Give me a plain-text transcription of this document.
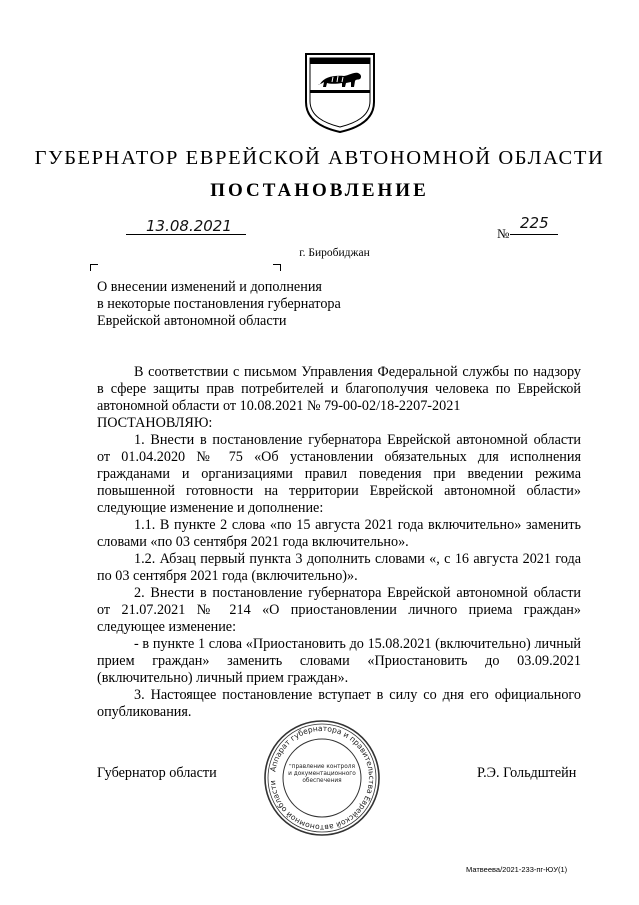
ГУБЕРНАТОР ЕВРЕЙСКОЙ АВТОНОМНОЙ ОБЛАСТИ
ПОСТАНОВЛЕНИЕ
13.08.2021	№
225
г. Биробиджан
О внесении изменений и дополнения
в некоторые постановления губернатора
Еврейской автономной области

В соответствии с письмом Управления Федеральной службы по надзору в сфере защиты прав потребителей и благополучия человека по Еврейской автономной области от 10.08.2021 № 79-00-02/18-2207-2021

ПОСТАНОВЛЯЮ:

1. Внести в постановление губернатора Еврейской автономной области от 01.04.2020 № 75 «Об установлении обязательных для исполнения гражданами и организациями правил поведения при введении режима повышенной готовности на территории Еврейской автономной области» следующие изменение и дополнение:

1.1. В пункте 2 слова «по 15 августа 2021 года включительно» заменить словами «по 03 сентября 2021 года включительно».

1.2. Абзац первый пункта 3 дополнить словами «, с 16 августа 2021 года по 03 сентября 2021 года (включительно)».

2. Внести в постановление губернатора Еврейской автономной области от 21.07.2021 № 214 «О приостановлении личного приема граждан» следующее изменение:

- в пункте 1 слова «Приостановить до 15.08.2021 (включительно) личный прием граждан» заменить словами «Приостановить до 03.09.2021 (включительно) личный прием граждан».

3. Настоящее постановление вступает в силу со дня его официального опубликования.

Губернатор области	Р.Э. Гольдштейн
Аппарат губернатора и правительства Еврейской автономной области
"правление контроля и документационного обеспечения
Матвеева/2021-233-пг-ЮУ(1)
